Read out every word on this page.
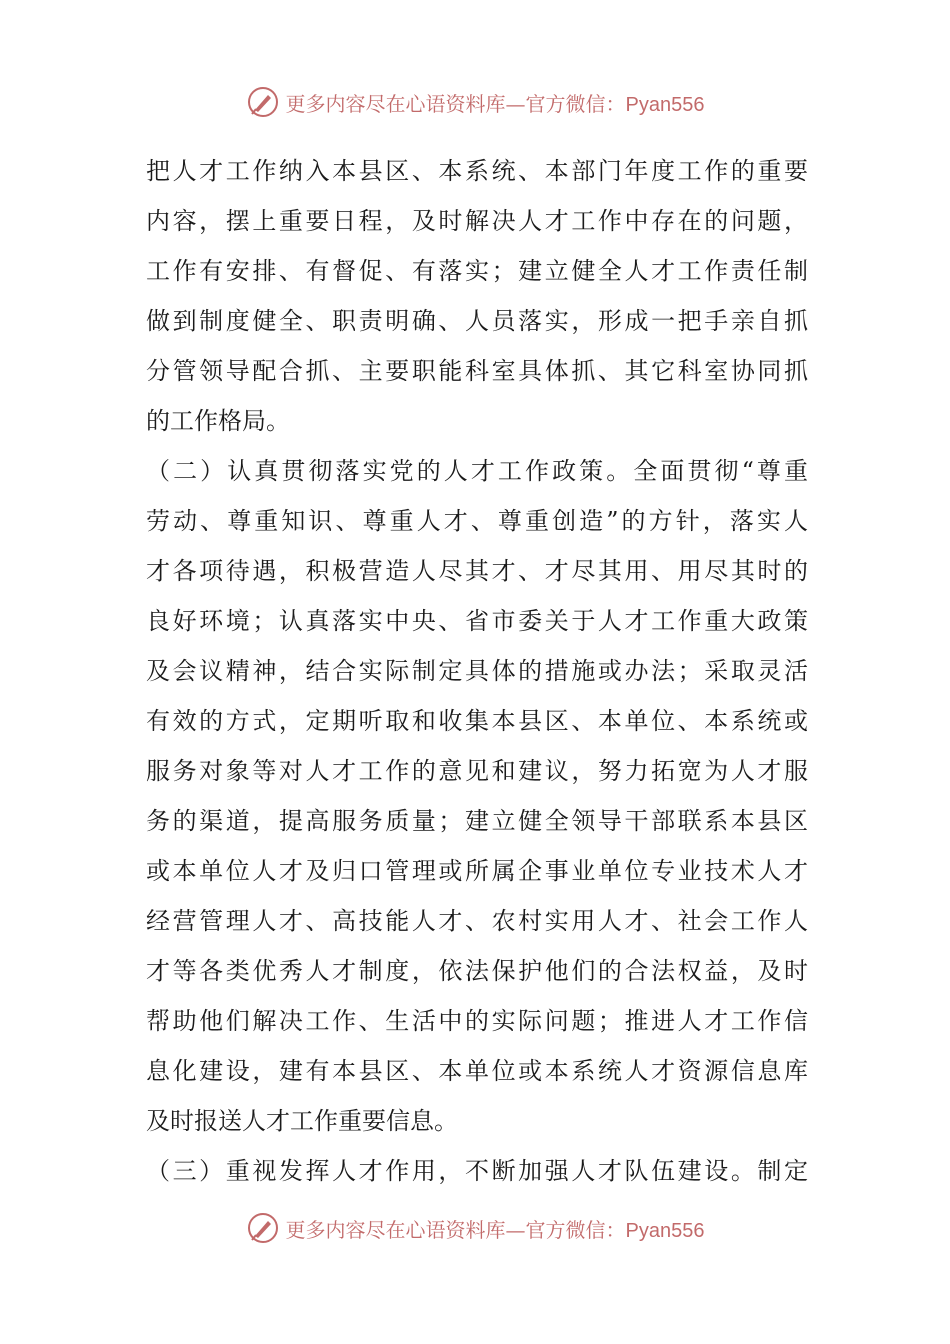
更多内容尽在心语资料库—官方微信：Pyan556
把人才工作纳入本县区、本系统、本部门年度工作的重要
内容，摆上重要日程，及时解决人才工作中存在的问题，
工作有安排、有督促、有落实；建立健全人才工作责任制
做到制度健全、职责明确、人员落实，形成一把手亲自抓
分管领导配合抓、主要职能科室具体抓、其它科室协同抓
的工作格局。
（二）认真贯彻落实党的人才工作政策。全面贯彻“尊重
劳动、尊重知识、尊重人才、尊重创造”的方针，落实人
才各项待遇，积极营造人尽其才、才尽其用、用尽其时的
良好环境；认真落实中央、省市委关于人才工作重大政策
及会议精神，结合实际制定具体的措施或办法；采取灵活
有效的方式，定期听取和收集本县区、本单位、本系统或
服务对象等对人才工作的意见和建议，努力拓宽为人才服
务的渠道，提高服务质量；建立健全领导干部联系本县区
或本单位人才及归口管理或所属企事业单位专业技术人才
经营管理人才、高技能人才、农村实用人才、社会工作人
才等各类优秀人才制度，依法保护他们的合法权益，及时
帮助他们解决工作、生活中的实际问题；推进人才工作信
息化建设，建有本县区、本单位或本系统人才资源信息库
及时报送人才工作重要信息。
（三）重视发挥人才作用，不断加强人才队伍建设。制定
更多内容尽在心语资料库—官方微信：Pyan556
